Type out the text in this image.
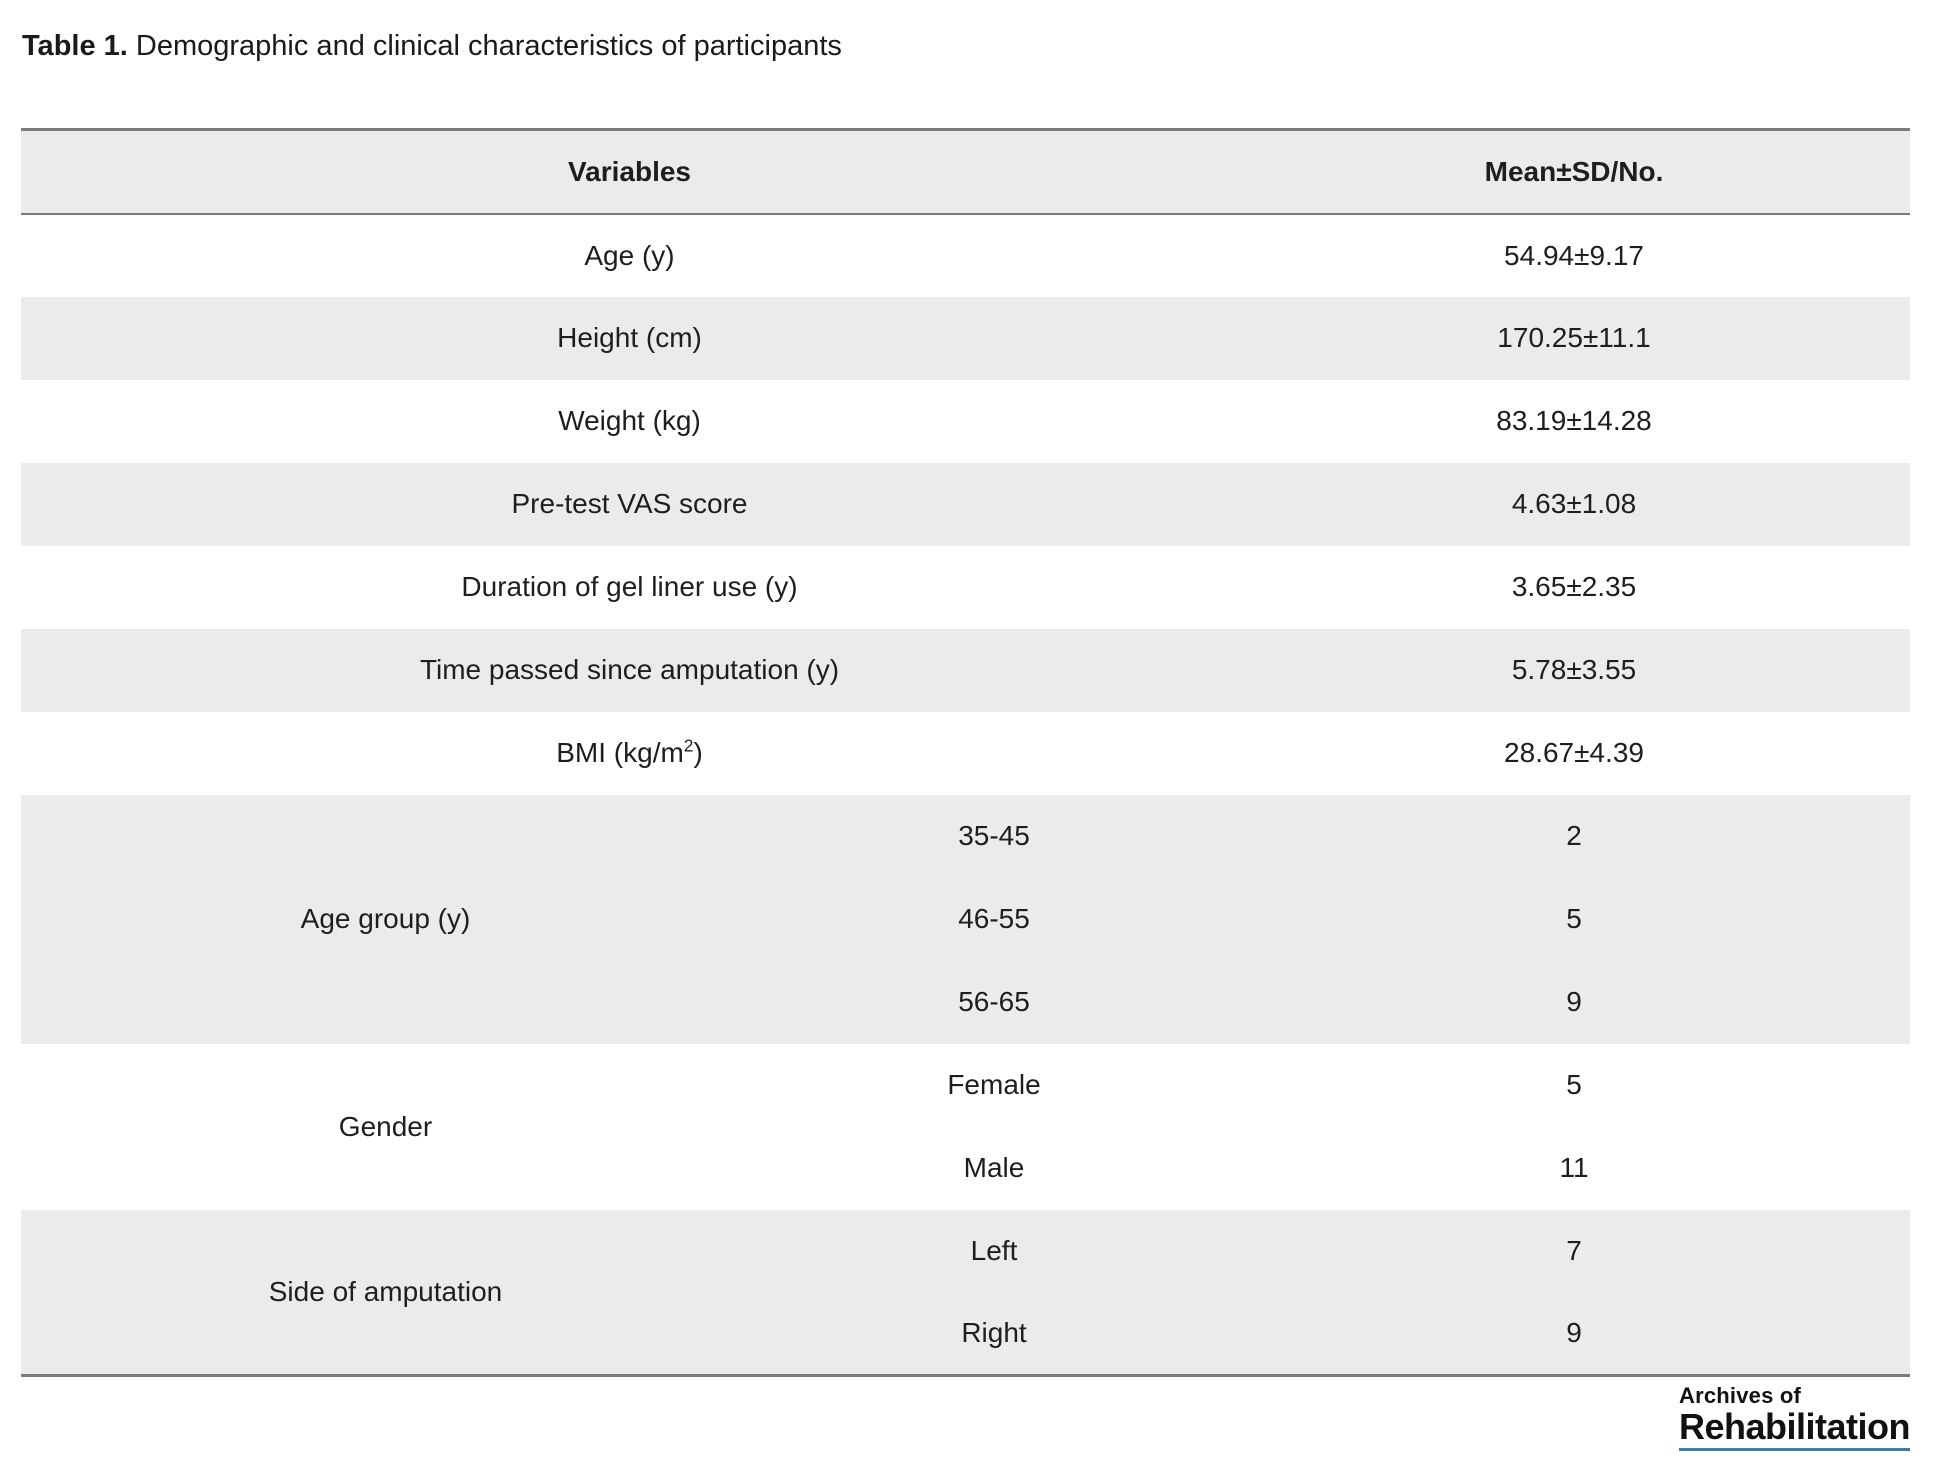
Table 1. Demographic and clinical characteristics of participants
Variables		Mean±SD/No.
Age (y)		54.94±9.17
Height (cm)		170.25±11.1
Weight (kg)		83.19±14.28
Pre-test VAS score		4.63±1.08
Duration of gel liner use (y)		3.65±2.35
Time passed since amputation (y)		5.78±3.55
BMI $(kg/m^2)$		28.67±4.39
Age group (y)	35-45	2
	46-55	5
	56-65	9
Gender	Female	5
	Male	11
Side of amputation	Left	7
	Right	9
Archives of
Rehabilitation
